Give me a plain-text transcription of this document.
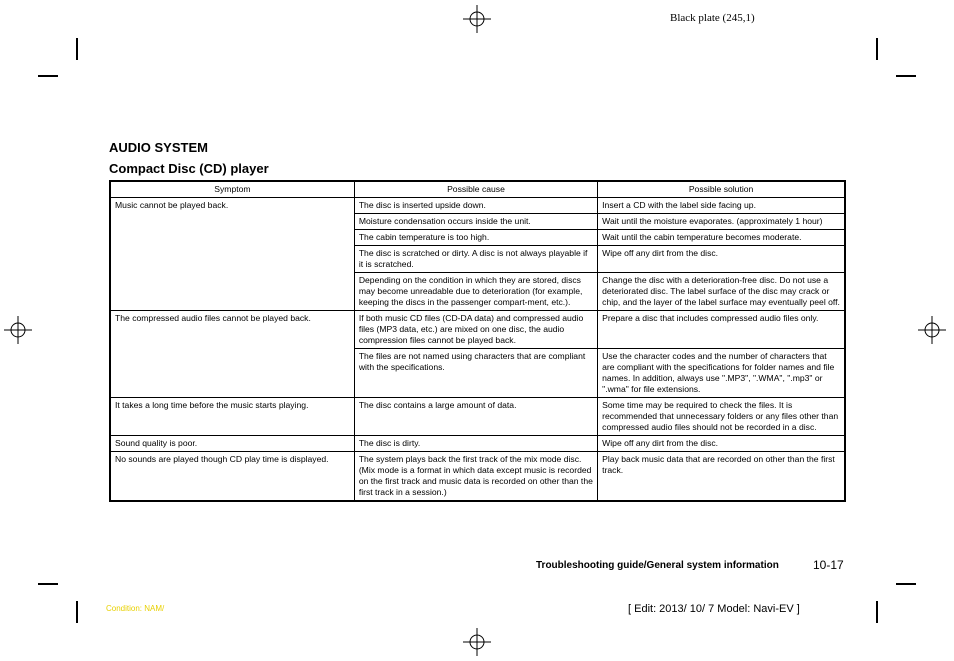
Black plate (245,1)
AUDIO SYSTEM
Compact Disc (CD) player
Symptom	Possible cause	Possible solution
Music cannot be played back.	The disc is inserted upside down.	Insert a CD with the label side facing up.
	Moisture condensation occurs inside the unit.	Wait until the moisture evaporates. (approximately 1 hour)
	The cabin temperature is too high.	Wait until the cabin temperature becomes moderate.
	The disc is scratched or dirty. A disc is not always playable if it is scratched.	Wipe off any dirt from the disc.
	Depending on the condition in which they are stored, discs may become unreadable due to deterioration (for example, keeping the discs in the passenger compart-ment, etc.).	Change the disc with a deterioration-free disc. Do not use a deteriorated disc. The label surface of the disc may crack or chip, and the layer of the label surface may eventually peel off.
The compressed audio files cannot be played back.	If both music CD files (CD-DA data) and compressed audio files (MP3 data, etc.) are mixed on one disc, the audio compression files cannot be played back.	Prepare a disc that includes compressed audio files only.
	The files are not named using characters that are compliant with the specifications.	Use the character codes and the number of characters that are compliant with the specifications for folder names and file names. In addition, always use ".MP3", ".WMA", ".mp3" or ".wma" for file extensions.
It takes a long time before the music starts playing.	The disc contains a large amount of data.	Some time may be required to check the files. It is recommended that unnecessary folders or any files other than compressed audio files should not be recorded in a disc.
Sound quality is poor.	The disc is dirty.	Wipe off any dirt from the disc.
No sounds are played though CD play time is displayed.	The system plays back the first track of the mix mode disc. (Mix mode is a format in which data except music is recorded on the first track and music data is recorded on other than the first track in a session.)	Play back music data that are recorded on other than the first track.
Troubleshooting guide/General system information	10-17
Condition: NAM/	[ Edit: 2013/ 10/ 7 Model: Navi-EV ]
